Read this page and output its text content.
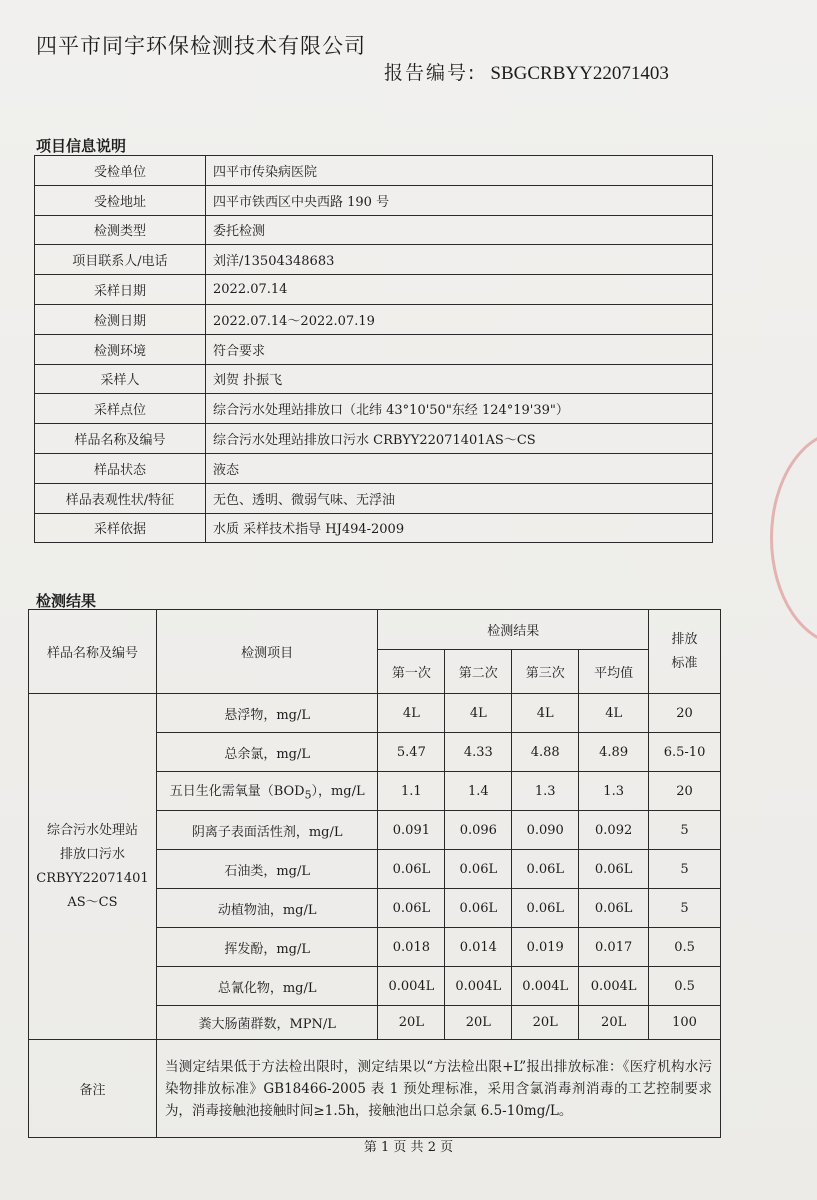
四平市同宇环保检测技术有限公司
报告编号: SBGCRBYY22071403
项目信息说明
受检单位	四平市传染病医院
受检地址	四平市铁西区中央西路 190 号
检测类型	委托检测
项目联系人/电话	刘洋/13504348683
采样日期	2022.07.14
检测日期	2022.07.14～2022.07.19
检测环境	符合要求
采样人	刘贺 扑振飞
采样点位	综合污水处理站排放口（北纬 43°10'50"东经 124°19'39"）
样品名称及编号	综合污水处理站排放口污水 CRBYY22071401AS～CS
样品状态	液态
样品表观性状/特征	无色、透明、微弱气味、无浮油
采样依据	水质 采样技术指导 HJ494-2009
检测结果
样品名称及编号	检测项目	检测结果				排放
标准

		第一次	第二次	第三次	平均值	

综合污水处理站
排放口污水
CRBYY22071401
AS～CS	悬浮物，mg/L	4L	4L	4L	4L	20
	总余氯，mg/L	5.47	4.33	4.88	4.89	6.5-10
	五日生化需氧量$(BOD_5)$，mg/L	1.1	1.4	1.3	1.3	20
	阴离子表面活性剂，mg/L	0.091	0.096	0.090	0.092	5
	石油类，mg/L	0.06L	0.06L	0.06L	0.06L	5
	动植物油，mg/L	0.06L	0.06L	0.06L	0.06L	5
	挥发酚，mg/L	0.018	0.014	0.019	0.017	0.5
	总氰化物，mg/L	0.004L	0.004L	0.004L	0.004L	0.5
	粪大肠菌群数，MPN/L	20L	20L	20L	20L	100
备注	当测定结果低于方法检出限时，测定结果以“方法检出限+L”报出排放标准：《医疗机构水污染物排放标准》GB18466-2005 表 1 预处理标准，采用含氯消毒剂消毒的工艺控制要求为，消毒接触池接触时间≥1.5h，接触池出口总余氯 6.5-10mg/L。					
第 1 页 共 2 页
